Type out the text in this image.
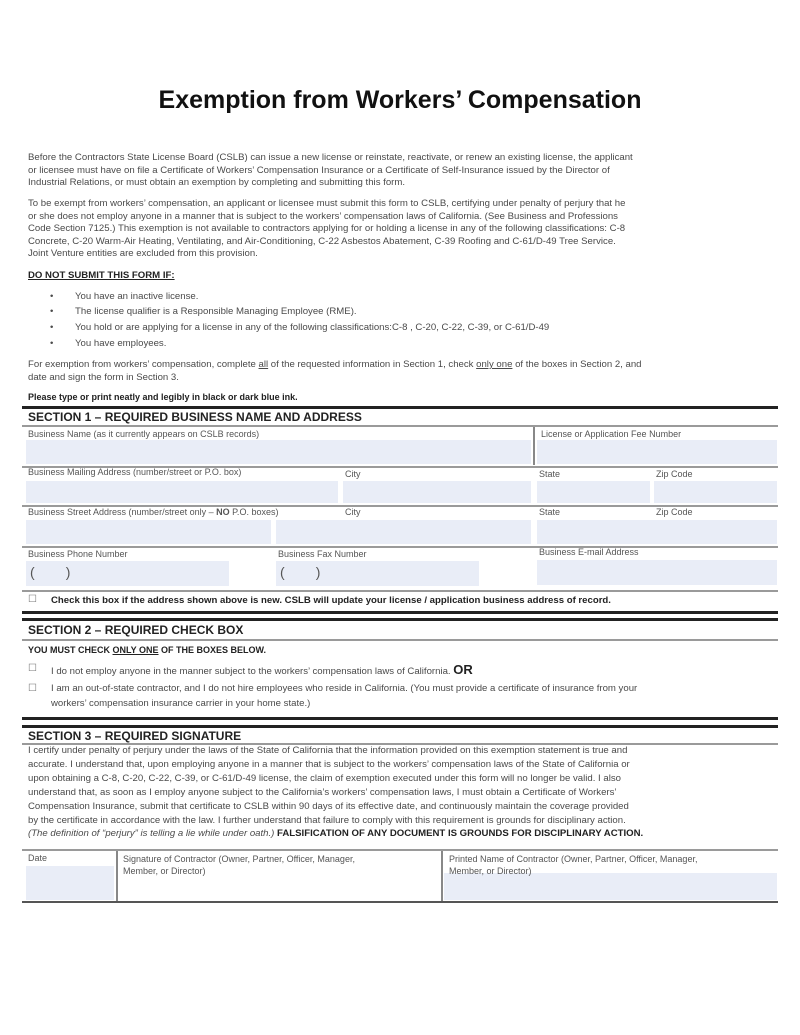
Exemption from Workers’ Compensation
Before the Contractors State License Board (CSLB) can issue a new license or reinstate, reactivate, or renew an existing license, the applicant
or licensee must have on file a Certificate of Workers’ Compensation Insurance or a Certificate of Self-Insurance issued by the Director of
Industrial Relations, or must obtain an exemption by completing and submitting this form.
To be exempt from workers’ compensation, an applicant or licensee must submit this form to CSLB, certifying under penalty of perjury that he
or she does not employ anyone in a manner that is subject to the workers’ compensation laws of California. (See Business and Professions
Code Section 7125.) This exemption is not available to contractors applying for or holding a license in any of the following classifications: C-8
Concrete, C-20 Warm-Air Heating, Ventilating, and Air-Conditioning, C-22 Asbestos Abatement, C-39 Roofing and C-61/D-49 Tree Service.
Joint Venture entities are excluded from this provision.
DO NOT SUBMIT THIS FORM IF:
• You have an inactive license.
• The license qualifier is a Responsible Managing Employee (RME).
• You hold or are applying for a license in any of the following classifications:C-8 , C-20, C-22, C-39, or C-61/D-49
• You have employees.
For exemption from workers’ compensation, complete all of the requested information in Section 1, check only one of the boxes in Section 2, and
date and sign the form in Section 3.
Please type or print neatly and legibly in black or dark blue ink.
SECTION 1 – REQUIRED BUSINESS NAME AND ADDRESS
Business Name (as it currently appears on CSLB records)	License or Application Fee Number
Business Mailing Address (number/street or P.O. box)	City	State	Zip Code
Business Street Address (number/street only – NO P.O. boxes)	City	State	Zip Code
Business Phone Number	Business Fax Number	Business E-mail Address
(        )	(        )
☐ Check this box if the address shown above is new. CSLB will update your license / application business address of record.
SECTION 2 – REQUIRED CHECK BOX
YOU MUST CHECK ONLY ONE OF THE BOXES BELOW.
☐ I do not employ anyone in the manner subject to the workers’ compensation laws of California. OR
☐ I am an out-of-state contractor, and I do not hire employees who reside in California. (You must provide a certificate of insurance from your
workers’ compensation insurance carrier in your home state.)
SECTION 3 – REQUIRED SIGNATURE
I certify under penalty of perjury under the laws of the State of California that the information provided on this exemption statement is true and
accurate. I understand that, upon employing anyone in a manner that is subject to the workers’ compensation laws of the State of California or
upon obtaining a C-8, C-20, C-22, C-39, or C-61/D-49 license, the claim of exemption executed under this form will no longer be valid. I also
understand that, as soon as I employ anyone subject to the California’s workers’ compensation laws, I must obtain a Certificate of Workers’
Compensation Insurance, submit that certificate to CSLB within 90 days of its effective date, and continuously maintain the coverage provided
by the certificate in accordance with the law. I further understand that failure to comply with this requirement is grounds for disciplinary action.
(The definition of “perjury” is telling a lie while under oath.) FALSIFICATION OF ANY DOCUMENT IS GROUNDS FOR DISCIPLINARY ACTION.
Date	Signature of Contractor (Owner, Partner, Officer, Manager,
Member, or Director)
Printed Name of Contractor (Owner, Partner, Officer, Manager,
Member, or Director)
